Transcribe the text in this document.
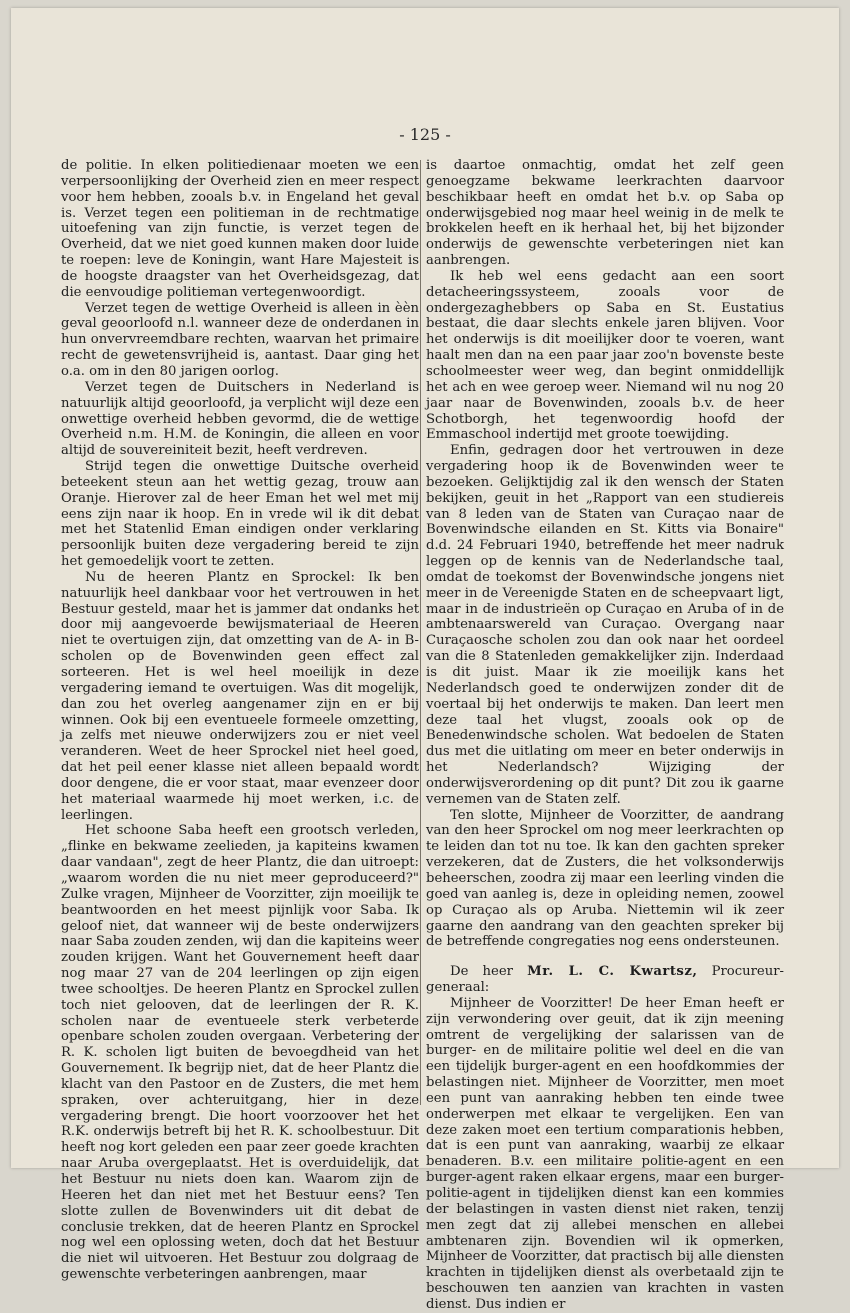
- 125 -

de politie. In elken politiedienaar moeten we een verpersoonlijking der Overheid zien en meer respect voor hem hebben, zooals b.v. in Engeland het geval is. Verzet tegen een politieman in de rechtmatige uitoefening van zijn functie, is verzet tegen de Overheid, dat we niet goed kunnen maken door luide te roepen: leve de Koningin, want Hare Majesteit is de hoogste draagster van het Overheidsgezag, dat die eenvoudige politieman vertegenwoordigt.

Verzet tegen de wettige Overheid is alleen in èèn geval geoorloofd n.l. wanneer deze de onderdanen in hun onvervreemdbare rechten, waarvan het primaire recht de gewetensvrijheid is, aantast. Daar ging het o.a. om in den 80 jarigen oorlog.

Verzet tegen de Duitschers in Nederland is natuurlijk altijd geoorloofd, ja verplicht wijl deze een onwettige overheid hebben gevormd, die de wettige Overheid n.m. H.M. de Koningin, die alleen en voor altijd de souvereiniteit bezit, heeft verdreven.

Strijd tegen die onwettige Duitsche overheid beteekent steun aan het wettig gezag, trouw aan Oranje. Hierover zal de heer Eman het wel met mij eens zijn naar ik hoop. En in vrede wil ik dit debat met het Statenlid Eman eindigen onder verklaring persoonlijk buiten deze vergadering bereid te zijn het gemoedelijk voort te zetten.

Nu de heeren Plantz en Sprockel: Ik ben natuurlijk heel dankbaar voor het vertrouwen in het Bestuur gesteld, maar het is jammer dat ondanks het door mij aangevoerde bewijsmateriaal de Heeren niet te overtuigen zijn, dat omzetting van de A- in B-scholen op de Bovenwinden geen effect zal sorteeren. Het is wel heel moeilijk in deze vergadering iemand te overtuigen. Was dit mogelijk, dan zou het overleg aangenamer zijn en er bij winnen. Ook bij een eventueele formeele omzetting, ja zelfs met nieuwe onderwijzers zou er niet veel veranderen. Weet de heer Sprockel niet heel goed, dat het peil eener klasse niet alleen bepaald wordt door dengene, die er voor staat, maar evenzeer door het materiaal waarmede hij moet werken, i.c. de leerlingen.

Het schoone Saba heeft een grootsch verleden, „flinke en bekwame zeelieden, ja kapiteins kwamen daar vandaan", zegt de heer Plantz, die dan uitroept: „waarom worden die nu niet meer geproduceerd?" Zulke vragen, Mijnheer de Voorzitter, zijn moeilijk te beantwoorden en het meest pijnlijk voor Saba. Ik geloof niet, dat wanneer wij de beste onderwijzers naar Saba zouden zenden, wij dan die kapiteins weer zouden krijgen. Want het Gouvernement heeft daar nog maar 27 van de 204 leerlingen op zijn eigen twee schooltjes. De heeren Plantz en Sprockel zullen toch niet gelooven, dat de leerlingen der R. K. scholen naar de eventueele sterk verbeterde openbare scholen zouden overgaan. Verbetering der R. K. scholen ligt buiten de bevoegdheid van het Gouvernement. Ik begrijp niet, dat de heer Plantz die klacht van den Pastoor en de Zusters, die met hem spraken, over achteruitgang, hier in deze vergadering brengt. Die hoort voorzoover het het R.K. onderwijs betreft bij het R. K. schoolbestuur. Dit heeft nog kort geleden een paar zeer goede krachten naar Aruba overgeplaatst. Het is overduidelijk, dat het Bestuur nu niets doen kan. Waarom zijn de Heeren het dan niet met het Bestuur eens? Ten slotte zullen de Bovenwinders uit dit debat de conclusie trekken, dat de heeren Plantz en Sprockel nog wel een oplossing weten, doch dat het Bestuur die niet wil uitvoeren. Het Bestuur zou dolgraag de gewenschte verbeteringen aanbrengen, maar

is daartoe onmachtig, omdat het zelf geen genoegzame bekwame leerkrachten daarvoor beschikbaar heeft en omdat het b.v. op Saba op onderwijsgebied nog maar heel weinig in de melk te brokkelen heeft en ik herhaal het, bij het bijzonder onderwijs de gewenschte verbeteringen niet kan aanbrengen.

Ik heb wel eens gedacht aan een soort detacheeringssysteem, zooals voor de ondergezaghebbers op Saba en St. Eustatius bestaat, die daar slechts enkele jaren blijven. Voor het onderwijs is dit moeilijker door te voeren, want haalt men dan na een paar jaar zoo'n bovenste beste schoolmeester weer weg, dan begint onmiddellijk het ach en wee geroep weer. Niemand wil nu nog 20 jaar naar de Bovenwinden, zooals b.v. de heer Schotborgh, het tegenwoordig hoofd der Emmaschool indertijd met groote toewijding.

Enfin, gedragen door het vertrouwen in deze vergadering hoop ik de Bovenwinden weer te bezoeken. Gelijktijdig zal ik den wensch der Staten bekijken, geuit in het „Rapport van een studiereis van 8 leden van de Staten van Curaçao naar de Bovenwindsche eilanden en St. Kitts via Bonaire" d.d. 24 Februari 1940, betreffende het meer nadruk leggen op de kennis van de Nederlandsche taal, omdat de toekomst der Bovenwindsche jongens niet meer in de Vereenigde Staten en de scheepvaart ligt, maar in de industrieën op Curaçao en Aruba of in de ambtenaarswereld van Curaçao. Overgang naar Curaçaosche scholen zou dan ook naar het oordeel van die 8 Statenleden gemakkelijker zijn. Inderdaad is dit juist. Maar ik zie moeilijk kans het Nederlandsch goed te onderwijzen zonder dit de voertaal bij het onderwijs te maken. Dan leert men deze taal het vlugst, zooals ook op de Benedenwindsche scholen. Wat bedoelen de Staten dus met die uitlating om meer en beter onderwijs in het Nederlandsch? Wijziging der onderwijsverordening op dit punt? Dit zou ik gaarne vernemen van de Staten zelf.

Ten slotte, Mijnheer de Voorzitter, de aandrang van den heer Sprockel om nog meer leerkrachten op te leiden dan tot nu toe. Ik kan den gachten spreker verzekeren, dat de Zusters, die het volksonderwijs beheerschen, zoodra zij maar een leerling vinden die goed van aanleg is, deze in opleiding nemen, zoowel op Curaçao als op Aruba. Niettemin wil ik zeer gaarne den aandrang van den geachten spreker bij de betreffende congregaties nog eens ondersteunen.

De heer Mr. L. C. Kwartsz, Procureur-generaal:

Mijnheer de Voorzitter! De heer Eman heeft er zijn verwondering over geuit, dat ik zijn meening omtrent de vergelijking der salarissen van de burger- en de militaire politie wel deel en die van een tijdelijk burger-agent en een hoofdkommies der belastingen niet. Mijnheer de Voorzitter, men moet een punt van aanraking hebben ten einde twee onderwerpen met elkaar te vergelijken. Een van deze zaken moet een tertium comparationis hebben, dat is een punt van aanraking, waarbij ze elkaar benaderen. B.v. een militaire politie-agent en een burger-agent raken elkaar ergens, maar een burger-politie-agent in tijdelijken dienst kan een kommies der belastingen in vasten dienst niet raken, tenzij men zegt dat zij allebei menschen en allebei ambtenaren zijn. Bovendien wil ik opmerken, Mijnheer de Voorzitter, dat practisch bij alle diensten krachten in tijdelijken dienst als overbetaald zijn te beschouwen ten aanzien van krachten in vasten dienst. Dus indien er
